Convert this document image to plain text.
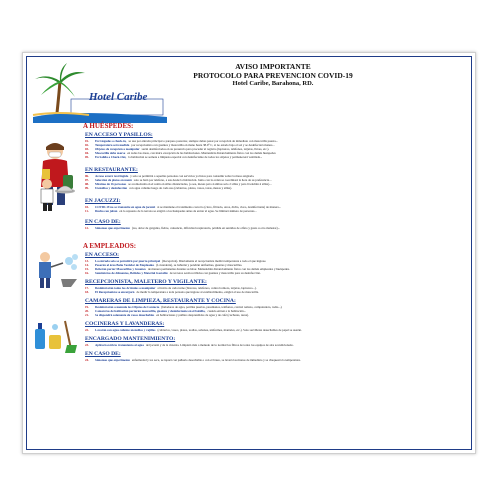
Hotel Caribe
AVISO IMPORTANTE
PROTOCOLO PARA PREVENCION COVID-19
Hotel Caribe, Barahona, RD.
A HUÉSPEDES:
EN ACCESO Y PASILLOS:
01-	En Llegadas o check-in, se usa por entrada principal o parqueo posterior, siempre debes pasar por recepción de inmediato con mascarilla puesta...
02-	Temperatura será medida por recepcionista con guantes y mascarilla en mano hasta 38.0° C, si no estado bajo el sol y se desinfectará manos...
03-	Objetos de recepción a manipular serán desinfectados en su presencia para proceder al registro (lapiceros, teléfonos, tarjetas, llaves, etc.).
04-	Mascarilla debe usarse en todas las áreas, con única excepción de las habitaciones. Mantendrás distanciamiento físico con los demás huéspedes.
05-	En Salida o Check-Out, la habitación se somete a limpieza especial con desinfectante de todos los objetos y permanecerá ventilada...
EN RESTAURANTE:
06-	Acceso estará restringido y solo se permitirá a aquellas personas con servicios ya listos para consumir sobre la mesa asignada.
07-	Selección de platos en menú solo se hará por teléfono, a sus desde la habitación. Junto con la orden se coordinará la hora de su preferencia...
08-	Máximo de 16 personas se acomodarán en el salón en sillas distanciadas, (o sea, mesas para 4 ambos solo 2 sillas y para 6 tendrán 4 sillas)...
09-	Utensilios y desinfección con agua caliente luego de cada uso (cubiertos, platos, vasos, tazas, mesas y sillas).
EN JACUZZI:
10-	COVID-19 no se transmite en agua de jacuzzi si se mantiene el tratamiento correcto (cloro, filtrado, otros, dicha, cloro, desinfectante) de manera...
11-	Ducha con jabón en lo repuesto de la terraza se exigirá a los huéspedes antes de entrar al agua. Se limitará número de personas...
EN CASO DE:
12-	Síntomas que experimente (tos, dolor de garganta, fiebre, cansancio, dificultad respiratoria, pérdida en sentidos de olfato y gusto u otro malestar)...
A EMPLEADOS:
EN ACCESO:
13-	La entrada solo se permitirá por puerta principal (Recepción). Diariamente el recepcionista medirá temperatura a todo el que ingrese.
14-	Pasarán al área Baño Vestidor de Empleados (Lavandería), se bañarán y pondrán uniformes, guantes y mascarillas.
15-	Deberán portar Mascarillas y Guantes de manera permanente durante su labor. Mantendrán distanciamiento físico con los demás empleados y huéspedes.
16-	Suministros de Alimentos, Bebidas y Material Gastable de terceros serán recibidos con guantes y mascarilla para su desinfección.
RECEPCIONISTA, MALETERO Y VIGILANTE:
17-	Desinfectarán todos los Artículos a manipular al inicio de cada turno (llaveros, teléfonos, control remoto, tarjetas, lapiceros...).
18-	El Recepcionista se encargará de medir la temperatura a toda persona que ingrese al establecimiento, exigirá el uso de mascarilla.
CAMARERAS DE LIMPIEZA, RESTAURANTE Y COCINA:
19-	Desinfectarán a menudo los Objetos de Contacto (haladores de agua, perillas puertas, pasamanos, teléfonos, control remoto, computadora, radio...).
20-	Camareras de habitación portarán mascarilla, guantes y desinfectante en el bolsillo, cuando entren a la habitación...
21-	Se dispondrá solamente de vasos desechables en habitaciones y pañitos desprendidos de agua y de café (cucharas, tazas).
COCINERAS Y LAVANDERAS:
22-	Lavarán con agua caliente utensilios y vajillas (cubiertos, vasos, platos, toallas, sabanas, uniformes, manteles, etc.). Solo servilletas desechables de papel se usarán.
ENCARGADO MANTENIMIENTO:
23-	Aplicará estricto tratamiento al agua del jacuzzi y de la cisterna. Limpiará más a menudo de lo normal los filtros de todos los equipos de aire acondicionado.
EN CASO DE:
24-	Síntomas que experimente enfermedad y tos seca, se tapará con pañuelo desechable o con el brazo, se lavará las manos de inmediato y se chequeará la temperatura.
